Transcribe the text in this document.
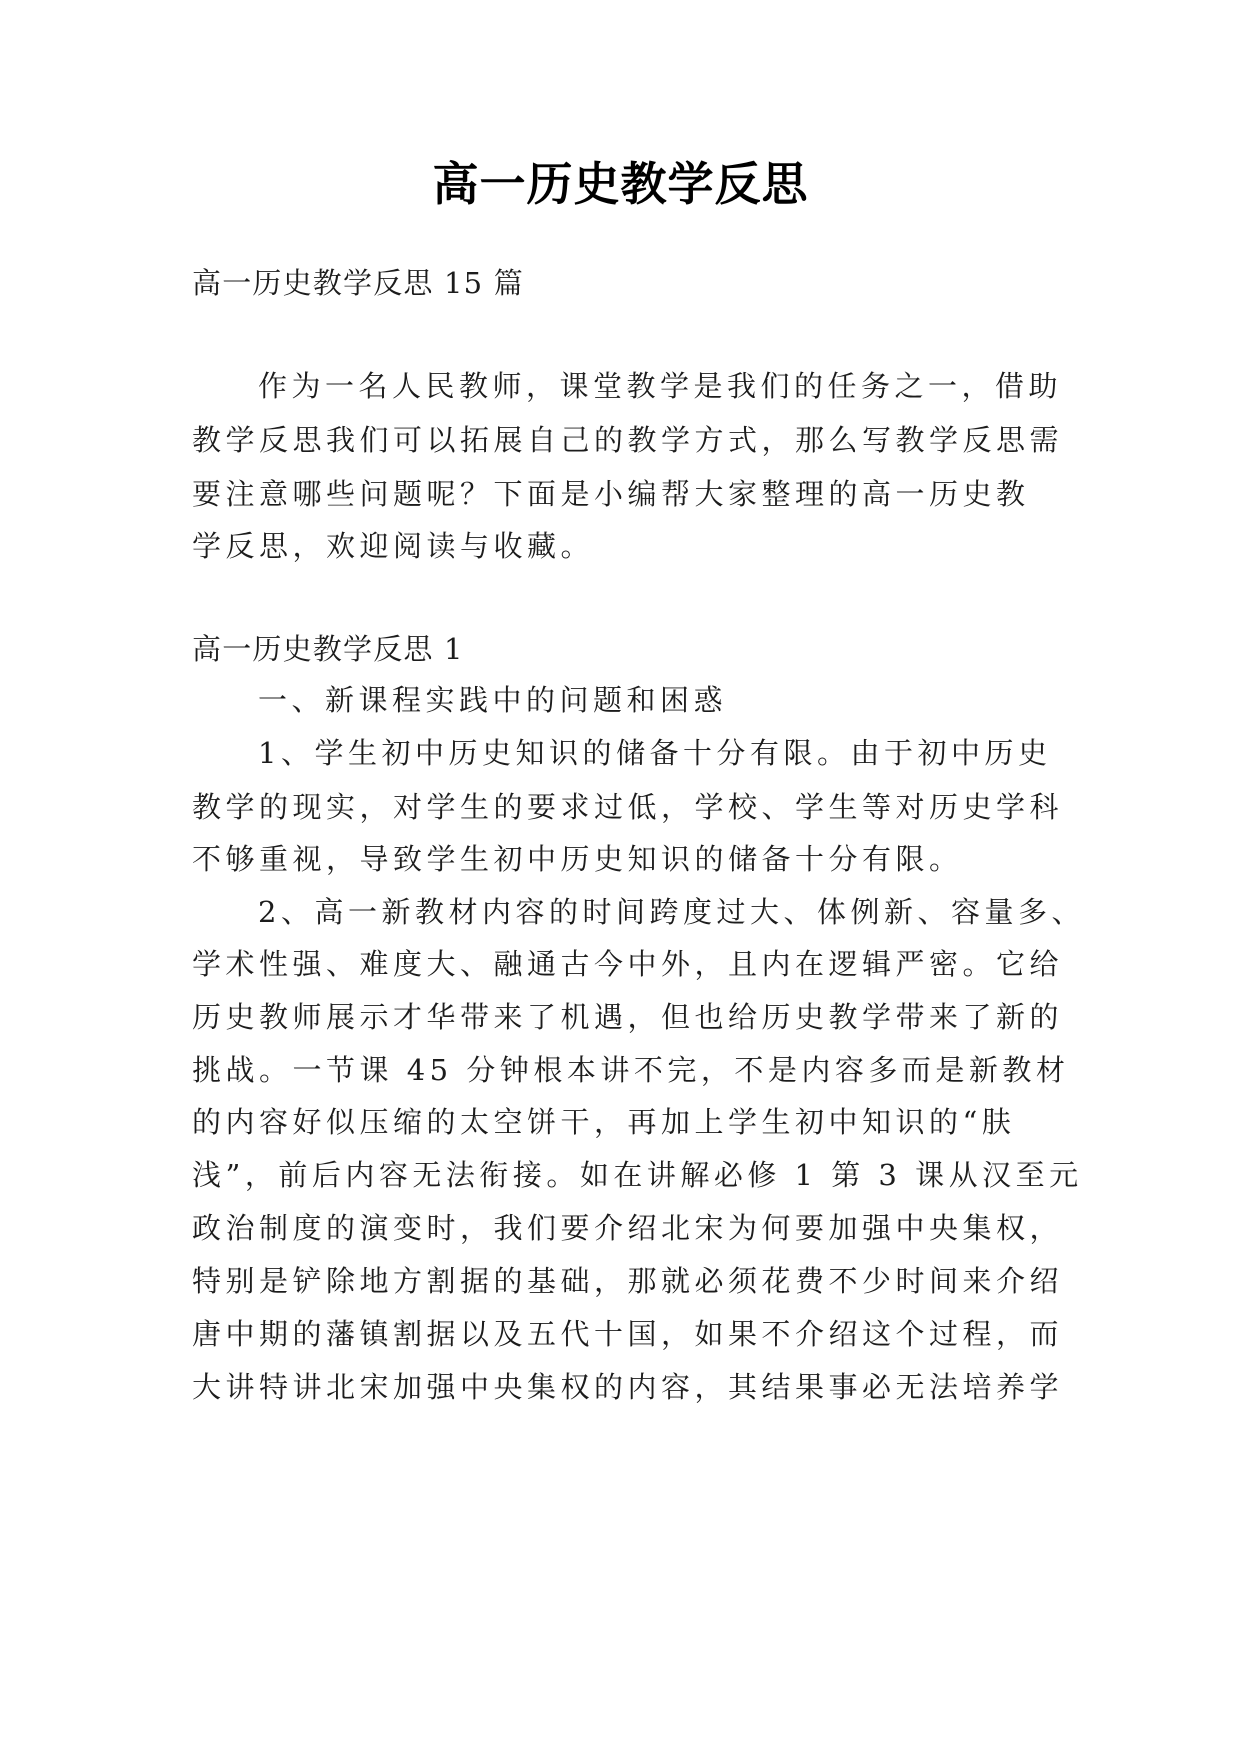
高一历史教学反思
高一历史教学反思 15 篇
作为一名人民教师，课堂教学是我们的任务之一，借助
教学反思我们可以拓展自己的教学方式，那么写教学反思需
要注意哪些问题呢？下面是小编帮大家整理的高一历史教
学反思，欢迎阅读与收藏。
高一历史教学反思 1
一、新课程实践中的问题和困惑
1、学生初中历史知识的储备十分有限。由于初中历史
教学的现实，对学生的要求过低，学校、学生等对历史学科
不够重视，导致学生初中历史知识的储备十分有限。
2、高一新教材内容的时间跨度过大、体例新、容量多、
学术性强、难度大、融通古今中外，且内在逻辑严密。它给
历史教师展示才华带来了机遇，但也给历史教学带来了新的
挑战。一节课 45 分钟根本讲不完，不是内容多而是新教材
的内容好似压缩的太空饼干，再加上学生初中知识的“肤
浅”，前后内容无法衔接。如在讲解必修 1 第 3 课从汉至元
政治制度的演变时，我们要介绍北宋为何要加强中央集权，
特别是铲除地方割据的基础，那就必须花费不少时间来介绍
唐中期的藩镇割据以及五代十国，如果不介绍这个过程，而
大讲特讲北宋加强中央集权的内容，其结果事必无法培养学
